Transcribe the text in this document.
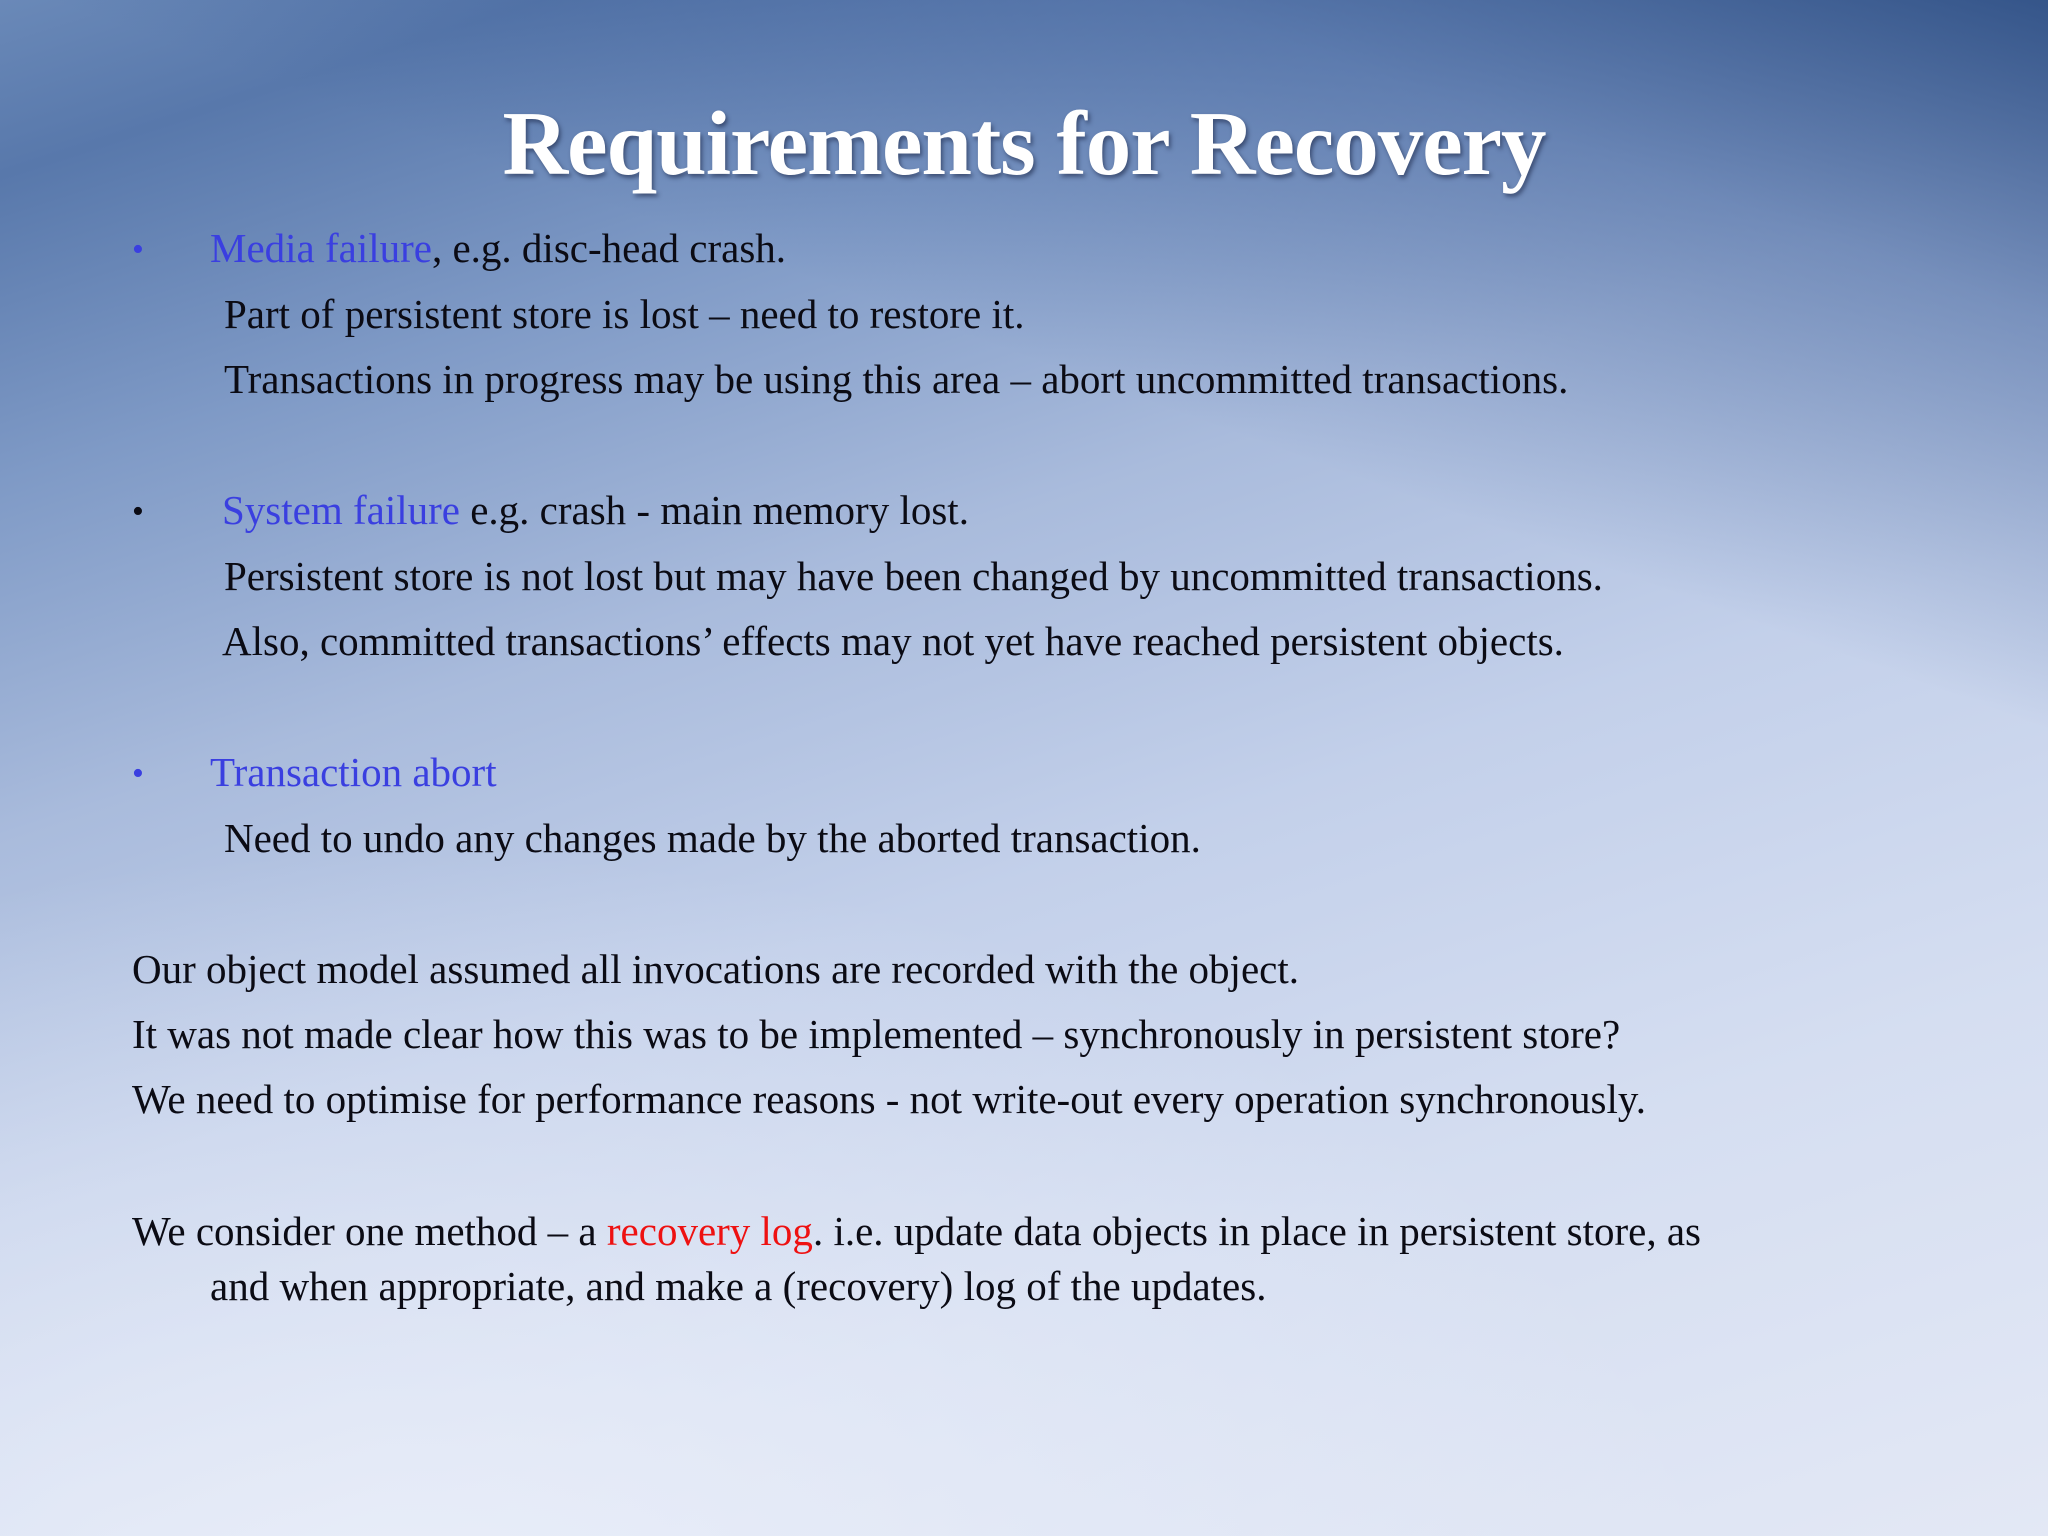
Requirements for Recovery
• Media failure, e.g. disc-head crash.
Part of persistent store is lost – need to restore it.
Transactions in progress may be using this area – abort uncommitted transactions.
• System failure e.g. crash - main memory lost.
Persistent store is not lost but may have been changed by uncommitted transactions.
Also, committed transactions’ effects may not yet have reached persistent objects.
• Transaction abort
Need to undo any changes made by the aborted transaction.
Our object model assumed all invocations are recorded with the object.
It was not made clear how this was to be implemented – synchronously in persistent store?
We need to optimise for performance reasons - not write-out every operation synchronously.
We consider one method – a recovery log. i.e. update data objects in place in persistent store, as
and when appropriate, and make a (recovery) log of the updates.
